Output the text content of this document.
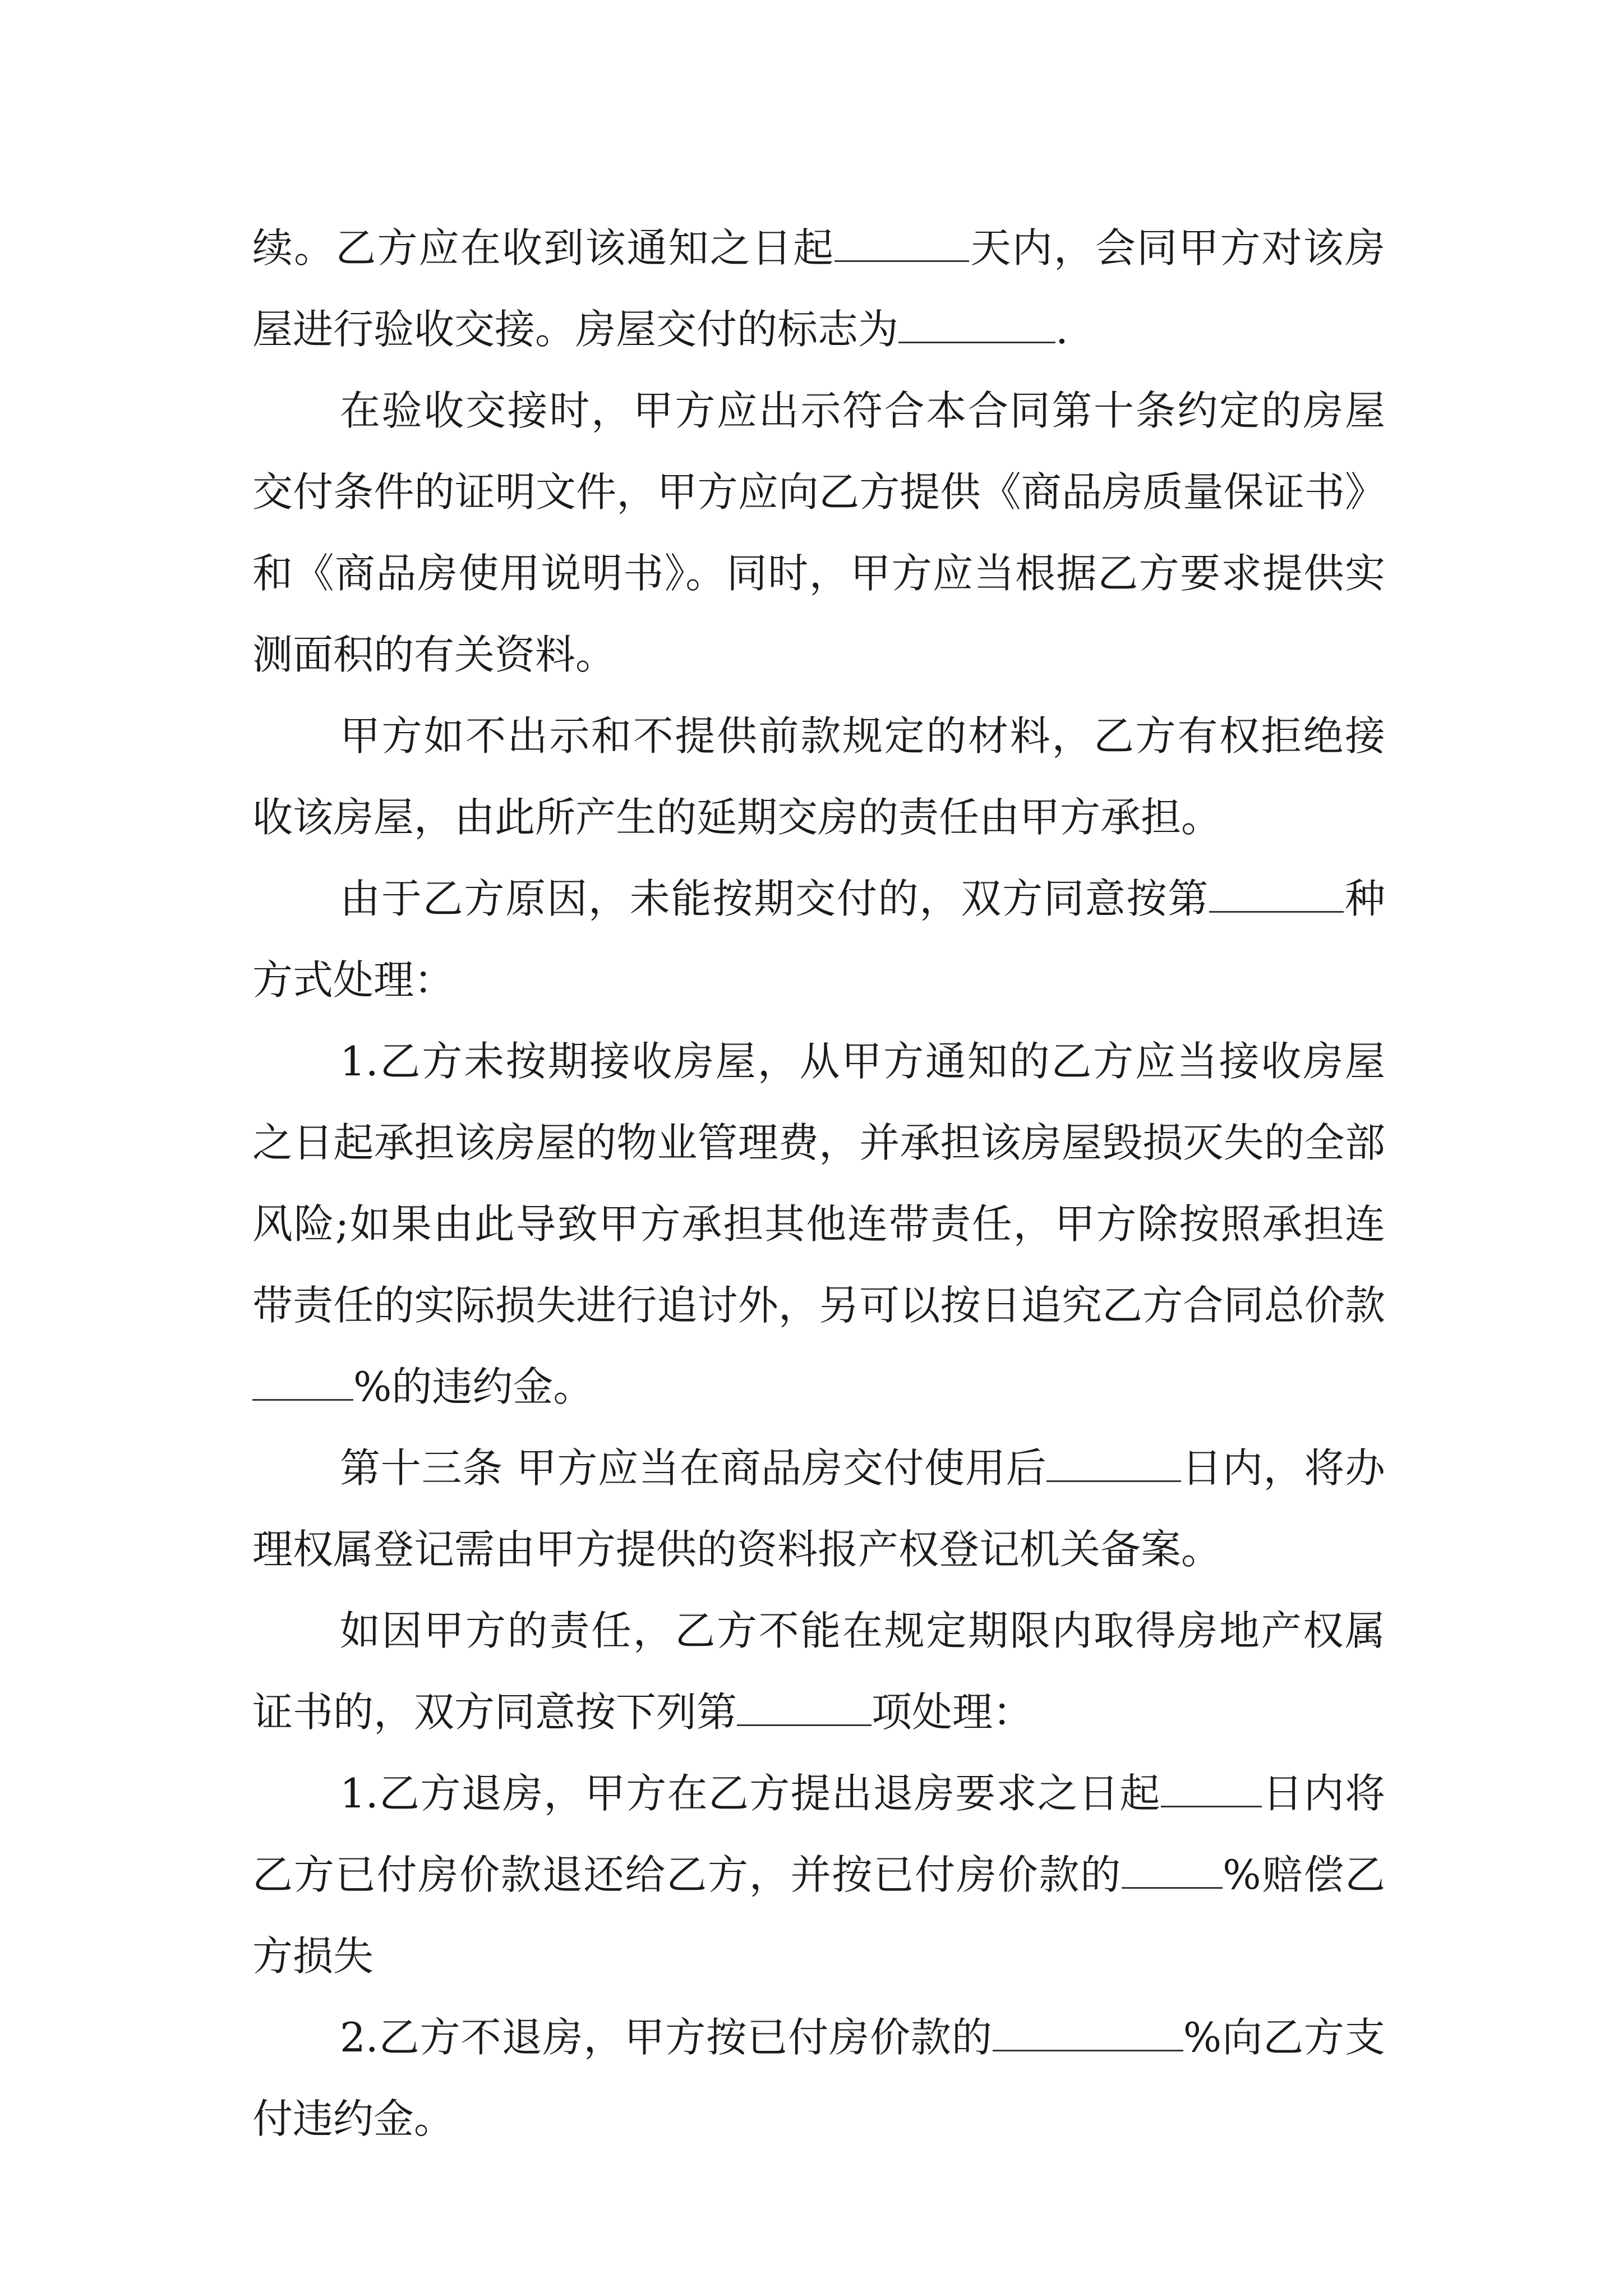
续。乙方应在收到该通知之日起	天内，会同甲方对该房屋进行验收交接。房屋交付的标志为	.

在验收交接时，甲方应出示符合本合同第十条约定的房屋交付条件的证明文件，甲方应向乙方提供《商品房质量保证书》和《商品房使用说明书》。同时，甲方应当根据乙方要求提供实测面积的有关资料。

甲方如不出示和不提供前款规定的材料，乙方有权拒绝接收该房屋，由此所产生的延期交房的责任由甲方承担。

由于乙方原因，未能按期交付的，双方同意按第	种方式处理：

1.乙方未按期接收房屋，从甲方通知的乙方应当接收房屋之日起承担该房屋的物业管理费，并承担该房屋毁损灭失的全部风险;如果由此导致甲方承担其他连带责任，甲方除按照承担连带责任的实际损失进行追讨外，另可以按日追究乙方合同总价款%的违约金。

第十三条 甲方应当在商品房交付使用后	日内，将办理权属登记需由甲方提供的资料报产权登记机关备案。

如因甲方的责任，乙方不能在规定期限内取得房地产权属证书的，双方同意按下列第	项处理：

1.乙方退房，甲方在乙方提出退房要求之日起	日内将乙方已付房价款退还给乙方，并按已付房价款的	%赔偿乙方损失

2.乙方不退房，甲方按已付房价款的	%向乙方支付违约金。
